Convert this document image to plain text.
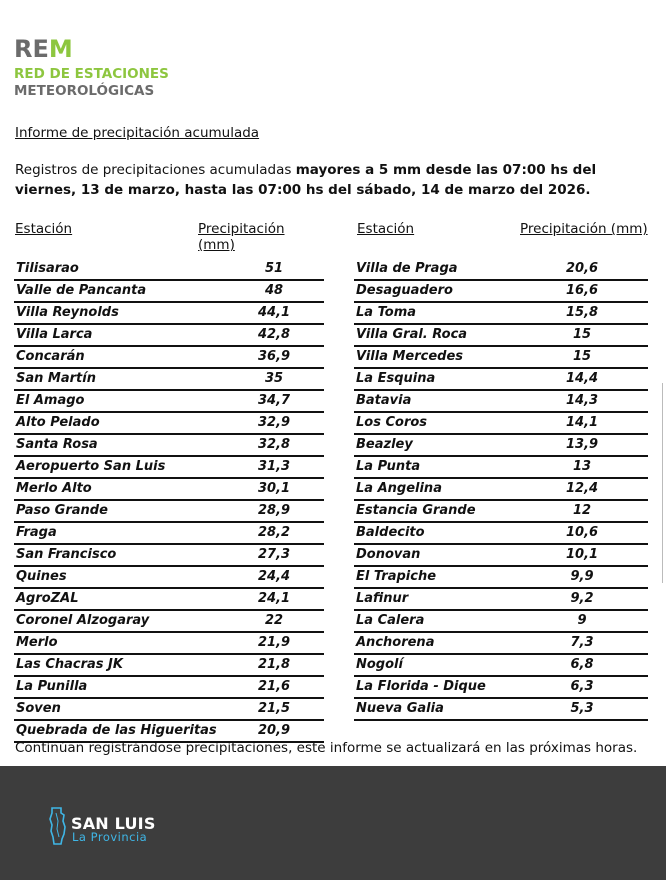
REM
RED DE ESTACIONES
METEOROLÓGICAS
Informe de precipitación acumulada
Registros de precipitaciones acumuladas mayores a 5 mm desde las 07:00 hs del viernes, 13 de marzo, hasta las 07:00 hs del sábado, 14 de marzo del 2026.
Estación	Precipitación (mm)
Tilisarao	51
Valle de Pancanta	48
Villa Reynolds	44,1
Villa Larca	42,8
Concarán	36,9
San Martín	35
El Amago	34,7
Alto Pelado	32,9
Santa Rosa	32,8
Aeropuerto San Luis	31,3
Merlo Alto	30,1
Paso Grande	28,9
Fraga	28,2
San Francisco	27,3
Quines	24,4
AgroZAL	24,1
Coronel Alzogaray	22
Merlo	21,9
Las Chacras JK	21,8
La Punilla	21,6
Soven	21,5
Quebrada de las Higueritas	20,9
Estación	Precipitación (mm)
Villa de Praga	20,6
Desaguadero	16,6
La Toma	15,8
Villa Gral. Roca	15
Villa Mercedes	15
La Esquina	14,4
Batavia	14,3
Los Coros	14,1
Beazley	13,9
La Punta	13
La Angelina	12,4
Estancia Grande	12
Baldecito	10,6
Donovan	10,1
El Trapiche	9,9
Lafinur	9,2
La Calera	9
Anchorena	7,3
Nogolí	6,8
La Florida - Dique	6,3
Nueva Galia	5,3
Continúan registrándose precipitaciones, este informe se actualizará en las próximas horas.
SAN LUIS
La Provincia
